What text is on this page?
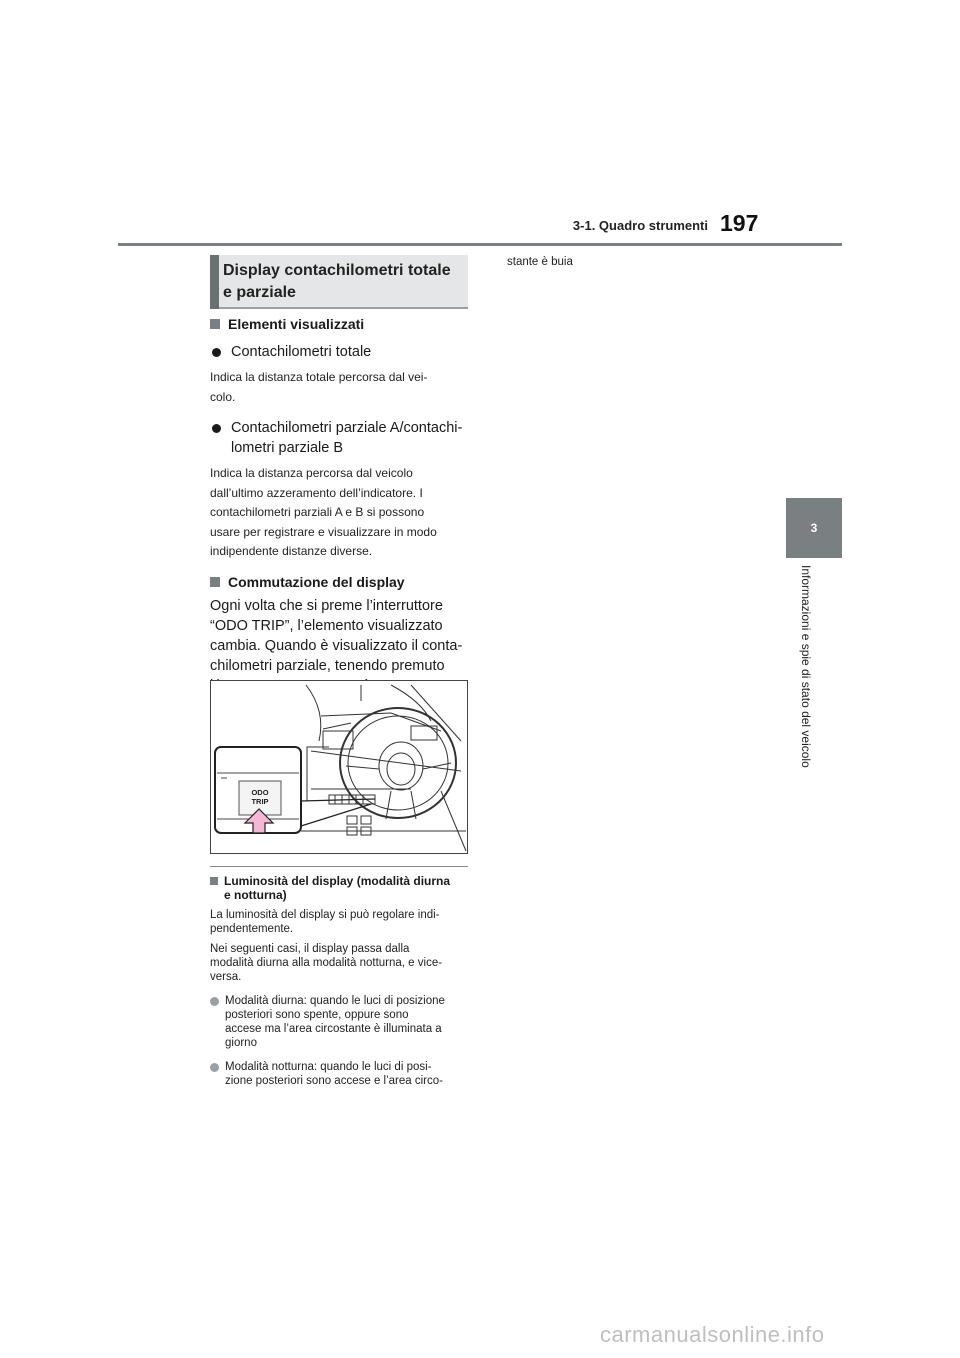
3-1. Quadro strumenti 197
3
Informazioni e spie di stato del veicolo
Display contachilometri totale e parziale
Elementi visualizzati
Contachilometri totale
Indica la distanza totale percorsa dal vei-
colo.
Contachilometri parziale A/contachi-
lometri parziale B
Indica la distanza percorsa dal veicolo
dall’ultimo azzeramento dell’indicatore. I
contachilometri parziali A e B si possono
usare per registrare e visualizzare in modo
indipendente distanze diverse.
Commutazione del display
Ogni volta che si preme l’interruttore
“ODO TRIP”, l’elemento visualizzato
cambia. Quando è visualizzato il conta-
chilometri parziale, tenendo premuto
ODO
TRIP
Luminosità del display (modalità diurna
e notturna)
La luminosità del display si può regolare indi-
pendentemente.
Nei seguenti casi, il display passa dalla
modalità diurna alla modalità notturna, e vice-
versa.
Modalità diurna: quando le luci di posizione
posteriori sono spente, oppure sono
accese ma l’area circostante è illuminata a
giorno
Modalità notturna: quando le luci di posi-
zione posteriori sono accese e l’area circo-
stante è buia
carmanualsonline.info
